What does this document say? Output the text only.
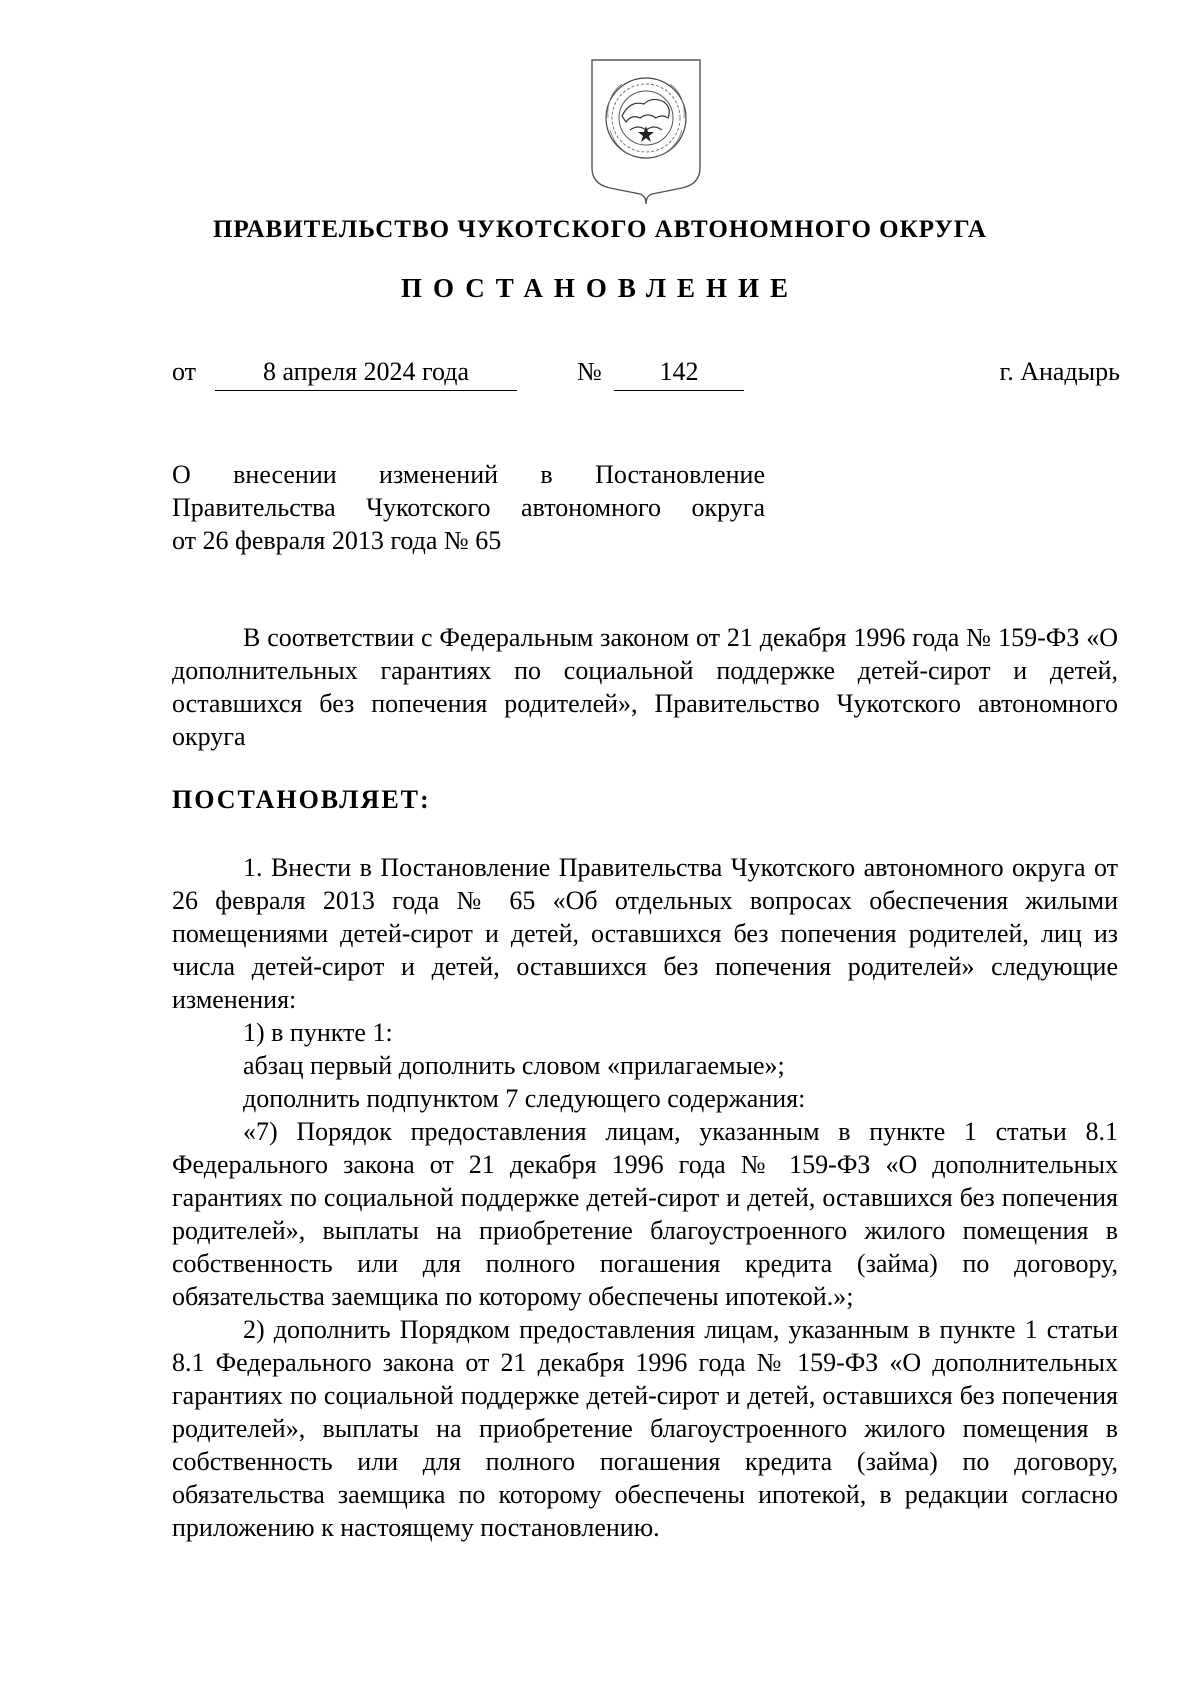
ПРАВИТЕЛЬСТВО ЧУКОТСКОГО АВТОНОМНОГО ОКРУГА
ПОСТАНОВЛЕНИЕ
от	8 апреля 2024 года	№	142	г. Анадырь
О внесении изменений в Постановление
Правительства Чукотского автономного округа
от 26 февраля 2013 года № 65

В соответствии с Федеральным законом от 21 декабря 1996 года № 159-ФЗ «О дополнительных гарантиях по социальной поддержке детей-сирот и детей, оставшихся без попечения родителей», Правительство Чукотского автономного округа

ПОСТАНОВЛЯЕТ:

1. Внести в Постановление Правительства Чукотского автономного округа от 26 февраля 2013 года № 65 «Об отдельных вопросах обеспечения жилыми помещениями детей-сирот и детей, оставшихся без попечения родителей, лиц из числа детей-сирот и детей, оставшихся без попечения родителей» следующие изменения:

1) в пункте 1:

абзац первый дополнить словом «прилагаемые»;

дополнить подпунктом 7 следующего содержания:

«7) Порядок предоставления лицам, указанным в пункте 1 статьи 8.1 Федерального закона от 21 декабря 1996 года № 159-ФЗ «О дополнительных гарантиях по социальной поддержке детей-сирот и детей, оставшихся без попечения родителей», выплаты на приобретение благоустроенного жилого помещения в собственность или для полного погашения кредита (займа) по договору, обязательства заемщика по которому обеспечены ипотекой.»;

2) дополнить Порядком предоставления лицам, указанным в пункте 1 статьи 8.1 Федерального закона от 21 декабря 1996 года № 159-ФЗ «О дополнительных гарантиях по социальной поддержке детей-сирот и детей, оставшихся без попечения родителей», выплаты на приобретение благоустроенного жилого помещения в собственность или для полного погашения кредита (займа) по договору, обязательства заемщика по которому обеспечены ипотекой, в редакции согласно приложению к настоящему постановлению.
